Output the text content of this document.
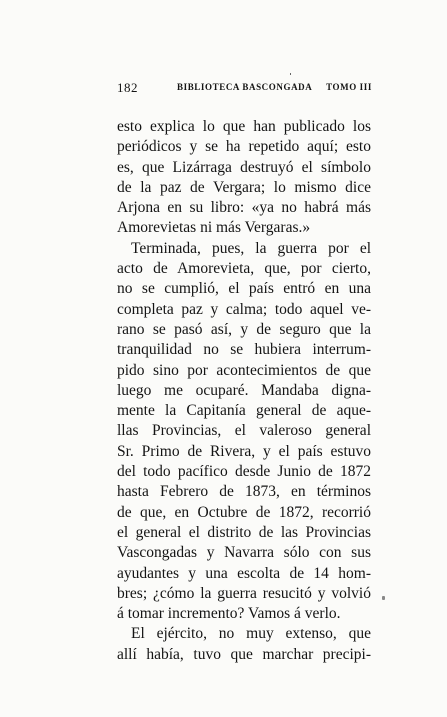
182	BIBLIOTECA BASCONGADA TOMO III
esto explica lo que han publicado los
periódicos y se ha repetido aquí; esto
es, que Lizárraga destruyó el símbolo
de la paz de Vergara; lo mismo dice
Arjona en su libro: «ya no habrá más
Amorevietas ni más Vergaras.»
Terminada, pues, la guerra por el
acto de Amorevieta, que, por cierto,
no se cumplió, el país entró en una
completa paz y calma; todo aquel ve-
rano se pasó así, y de seguro que la
tranquilidad no se hubiera interrum-
pido sino por acontecimientos de que
luego me ocuparé. Mandaba digna-
mente la Capitanía general de aque-
llas Provincias, el valeroso general
Sr. Primo de Rivera, y el país estuvo
del todo pacífico desde Junio de 1872
hasta Febrero de 1873, en términos
de que, en Octubre de 1872, recorrió
el general el distrito de las Provincias
Vascongadas y Navarra sólo con sus
ayudantes y una escolta de 14 hom-
bres; ¿cómo la guerra resucitó y volvió
á tomar incremento? Vamos á verlo.
El ejército, no muy extenso, que
allí había, tuvo que marchar precipi-
